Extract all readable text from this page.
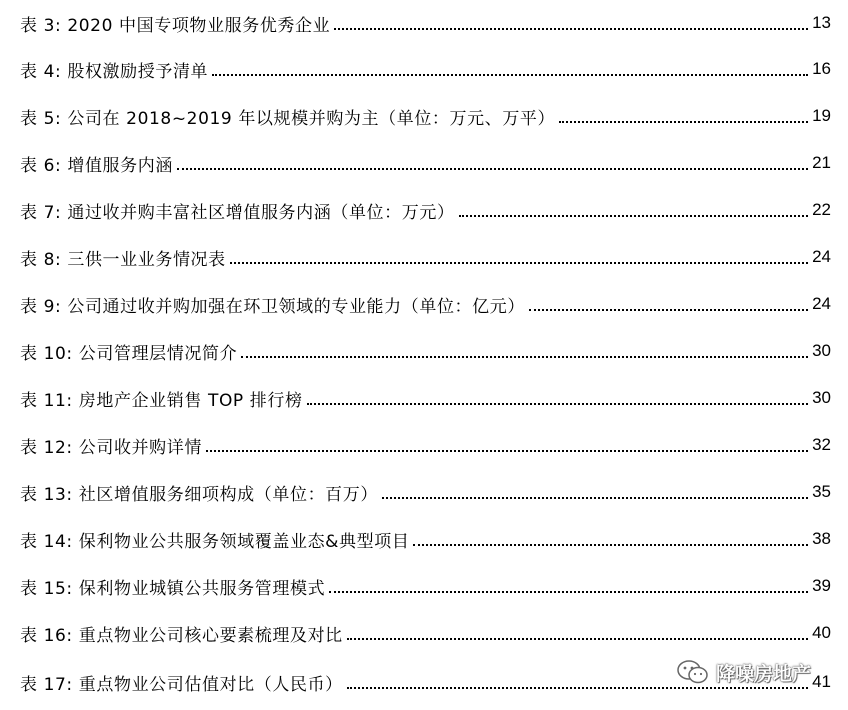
表 3: 2020 中国专项物业服务优秀企业	13
表 4: 股权激励授予清单	16
表 5: 公司在 2018~2019 年以规模并购为主（单位：万元、万平）	19
表 6: 增值服务内涵	21
表 7: 通过收并购丰富社区增值服务内涵（单位：万元）	22
表 8: 三供一业业务情况表	24
表 9: 公司通过收并购加强在环卫领域的专业能力（单位：亿元）	24
表 10: 公司管理层情况简介	30
表 11: 房地产企业销售 TOP 排行榜	30
表 12: 公司收并购详情	32
表 13: 社区增值服务细项构成（单位：百万）	35
表 14: 保利物业公共服务领域覆盖业态&典型项目	38
表 15: 保利物业城镇公共服务管理模式	39
表 16: 重点物业公司核心要素梳理及对比	40
表 17: 重点物业公司估值对比（人民币）	41
降噪房地产
